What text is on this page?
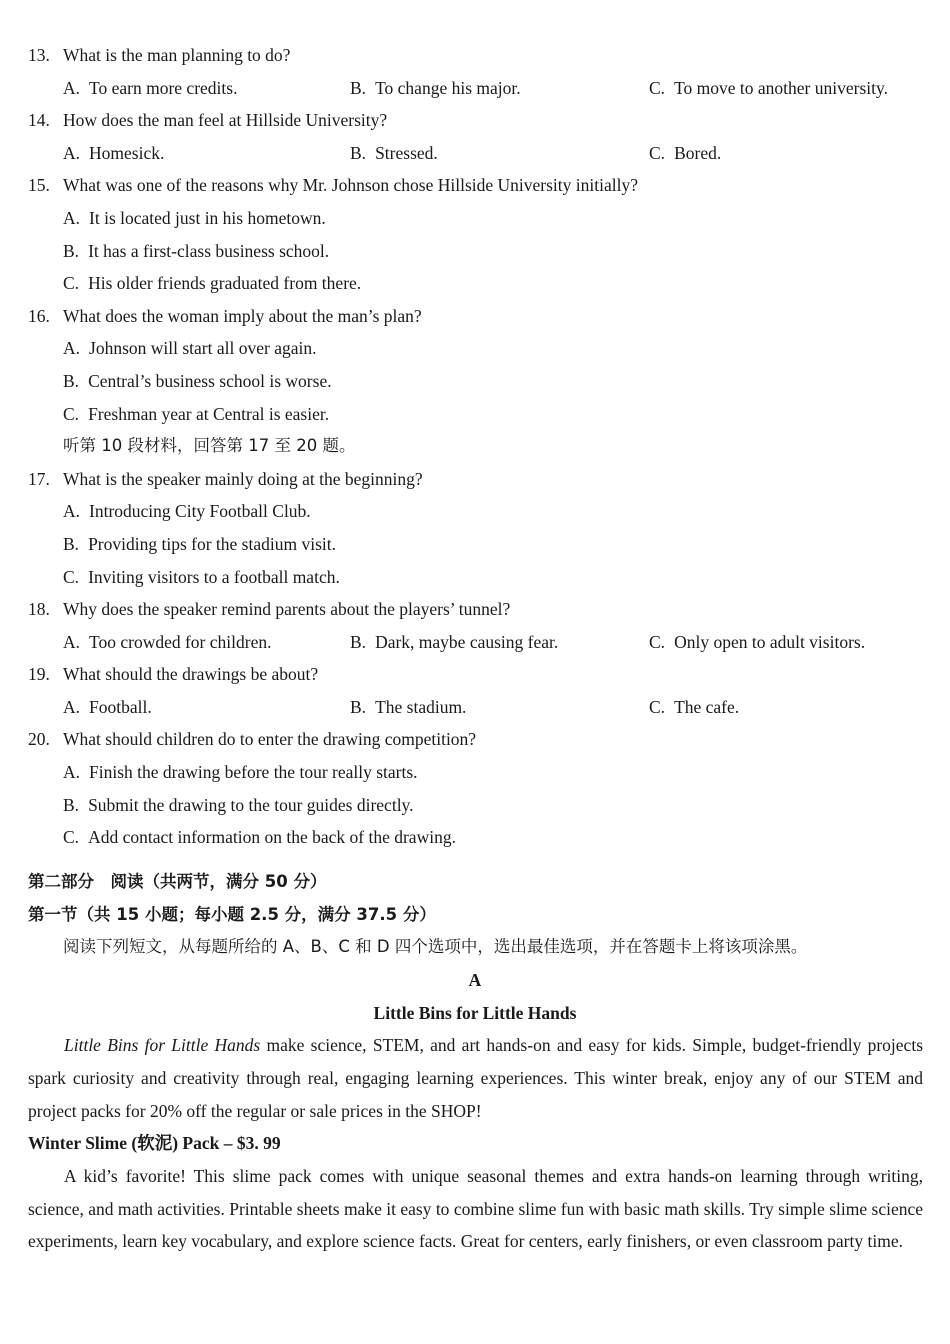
13. What is the man planning to do?
A. To earn more credits.	B. To change his major.	C. To move to another university.
14. How does the man feel at Hillside University?
A. Homesick.	B. Stressed.	C. Bored.
15. What was one of the reasons why Mr. Johnson chose Hillside University initially?
A. It is located just in his hometown.
B. It has a first-class business school.
C. His older friends graduated from there.
16. What does the woman imply about the man’s plan?
A. Johnson will start all over again.
B. Central’s business school is worse.
C. Freshman year at Central is easier.
听第 10 段材料，回答第 17 至 20 题。
17. What is the speaker mainly doing at the beginning?
A. Introducing City Football Club.
B. Providing tips for the stadium visit.
C. Inviting visitors to a football match.
18. Why does the speaker remind parents about the players’ tunnel?
A. Too crowded for children.	B. Dark, maybe causing fear.	C. Only open to adult visitors.
19. What should the drawings be about?
A. Football.	B. The stadium.	C. The cafe.
20. What should children do to enter the drawing competition?
A. Finish the drawing before the tour really starts.
B. Submit the drawing to the tour guides directly.
C. Add contact information on the back of the drawing.
第二部分　阅读（共两节，满分 50 分）
第一节（共 15 小题；每小题 2.5 分，满分 37.5 分）
阅读下列短文，从每题所给的 A、B、C 和 D 四个选项中，选出最佳选项，并在答题卡上将该项涂黑。
A
Little Bins for Little Hands

Little Bins for Little Hands make science, STEM, and art hands-on and easy for kids. Simple, budget-friendly projects spark curiosity and creativity through real, engaging learning experiences. This winter break, enjoy any of our STEM and project packs for 20% off the regular or sale prices in the SHOP!

Winter Slime (软泥) Pack – $3. 99

A kid’s favorite! This slime pack comes with unique seasonal themes and extra hands-on learning through writing, science, and math activities. Printable sheets make it easy to combine slime fun with basic math skills. Try simple slime science experiments, learn key vocabulary, and explore science facts. Great for centers, early finishers, or even classroom party time.
